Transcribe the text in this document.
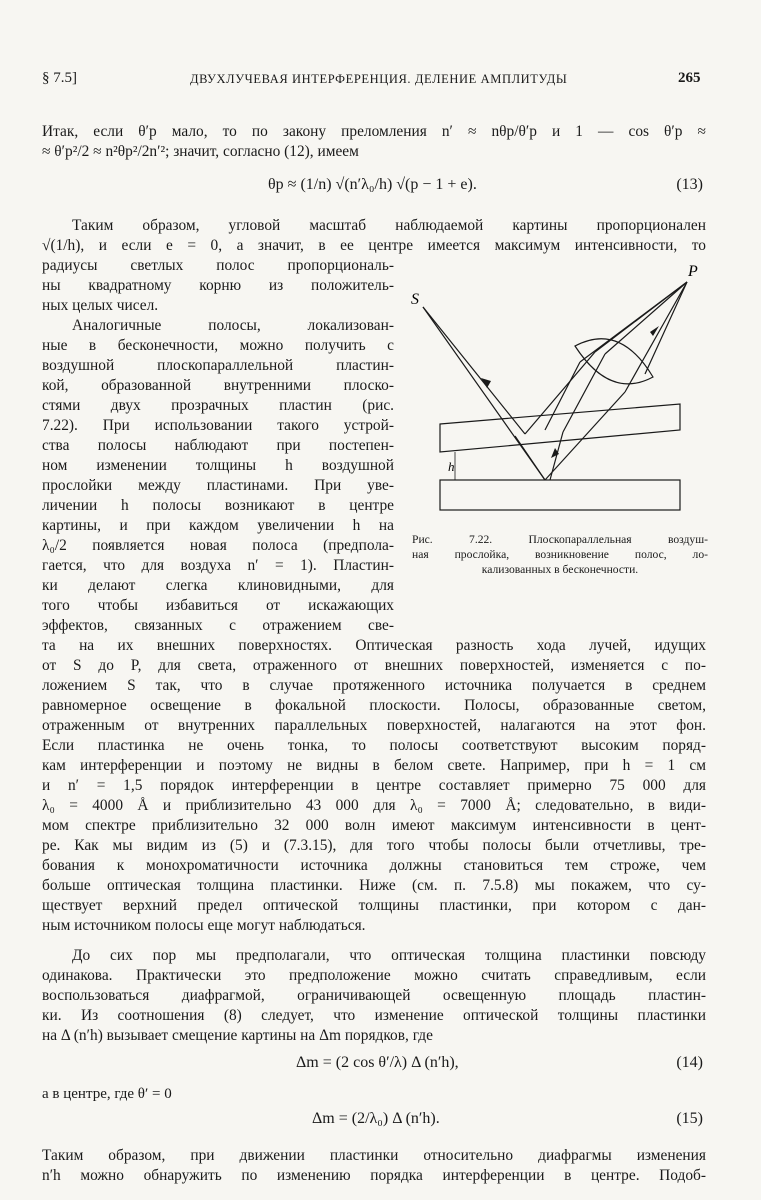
§ 7.5]	ДВУХЛУЧЕВАЯ ИНТЕРФЕРЕНЦИЯ. ДЕЛЕНИЕ АМПЛИТУДЫ	265
Итак, если θ′p мало, то по закону преломления n′ ≈ nθp/θ′p и 1 — cos θ′p ≈
≈ θ′p²/2 ≈ n²θp²/2n′²; значит, согласно (12), имеем
θp ≈ (1/n) √(n′λ₀/h) √(p − 1 + e).	(13)
Таким образом, угловой масштаб наблюдаемой картины пропорционален
√(1/h), и если e = 0, а значит, в ее центре имеется максимум интенсивности, то
радиусы светлых полос пропорциональ-
ны квадратному корню из положитель-
ных целых чисел.
Аналогичные полосы, локализован-
ные в бесконечности, можно получить с
воздушной плоскопараллельной пластин-
кой, образованной внутренними плоско-
стями двух прозрачных пластин (рис.
7.22). При использовании такого устрой-
ства полосы наблюдают при постепен-
ном изменении толщины h воздушной
прослойки между пластинами. При уве-
личении h полосы возникают в центре
картины, и при каждом увеличении h на
λ₀/2 появляется новая полоса (предпола-
гается, что для воздуха n′ = 1). Пластин-
ки делают слегка клиновидными, для
того чтобы избавиться от искажающих
эффектов, связанных с отражением све-
та на их внешних поверхностях. Оптическая разность хода лучей, идущих
от S до P, для света, отраженного от внешних поверхностей, изменяется с по-
ложением S так, что в случае протяженного источника получается в среднем
равномерное освещение в фокальной плоскости. Полосы, образованные светом,
отраженным от внутренних параллельных поверхностей, налагаются на этот фон.
Если пластинка не очень тонка, то полосы соответствуют высоким поряд-
кам интерференции и поэтому не видны в белом свете. Например, при h = 1 см
и n′ = 1,5 порядок интерференции в центре составляет примерно 75 000 для
λ₀ = 4000 Å и приблизительно 43 000 для λ₀ = 7000 Å; следовательно, в види-
мом спектре приблизительно 32 000 волн имеют максимум интенсивности в цент-
ре. Как мы видим из (5) и (7.3.15), для того чтобы полосы были отчетливы, тре-
бования к монохроматичности источника должны становиться тем строже, чем
больше оптическая толщина пластинки. Ниже (см. п. 7.5.8) мы покажем, что су-
ществует верхний предел оптической толщины пластинки, при котором с дан-
ным источником полосы еще могут наблюдаться.
До сих пор мы предполагали, что оптическая толщина пластинки повсюду
одинакова. Практически это предположение можно считать справедливым, если
воспользоваться диафрагмой, ограничивающей освещенную площадь пластин-
ки. Из соотношения (8) следует, что изменение оптической толщины пластинки
на Δ (n′h) вызывает смещение картины на Δm порядков, где
Δm = (2 cos θ′/λ) Δ (n′h),	(14)
а в центре, где θ′ = 0
Δm = (2/λ₀) Δ (n′h).	(15)
Таким образом, при движении пластинки относительно диафрагмы изменения
n′h можно обнаружить по изменению порядка интерференции в центре. Подоб-
S
P
h
Рис. 7.22. Плоскопараллельная воздуш-
ная прослойка, возникновение полос, ло-
кализованных в бесконечности.
